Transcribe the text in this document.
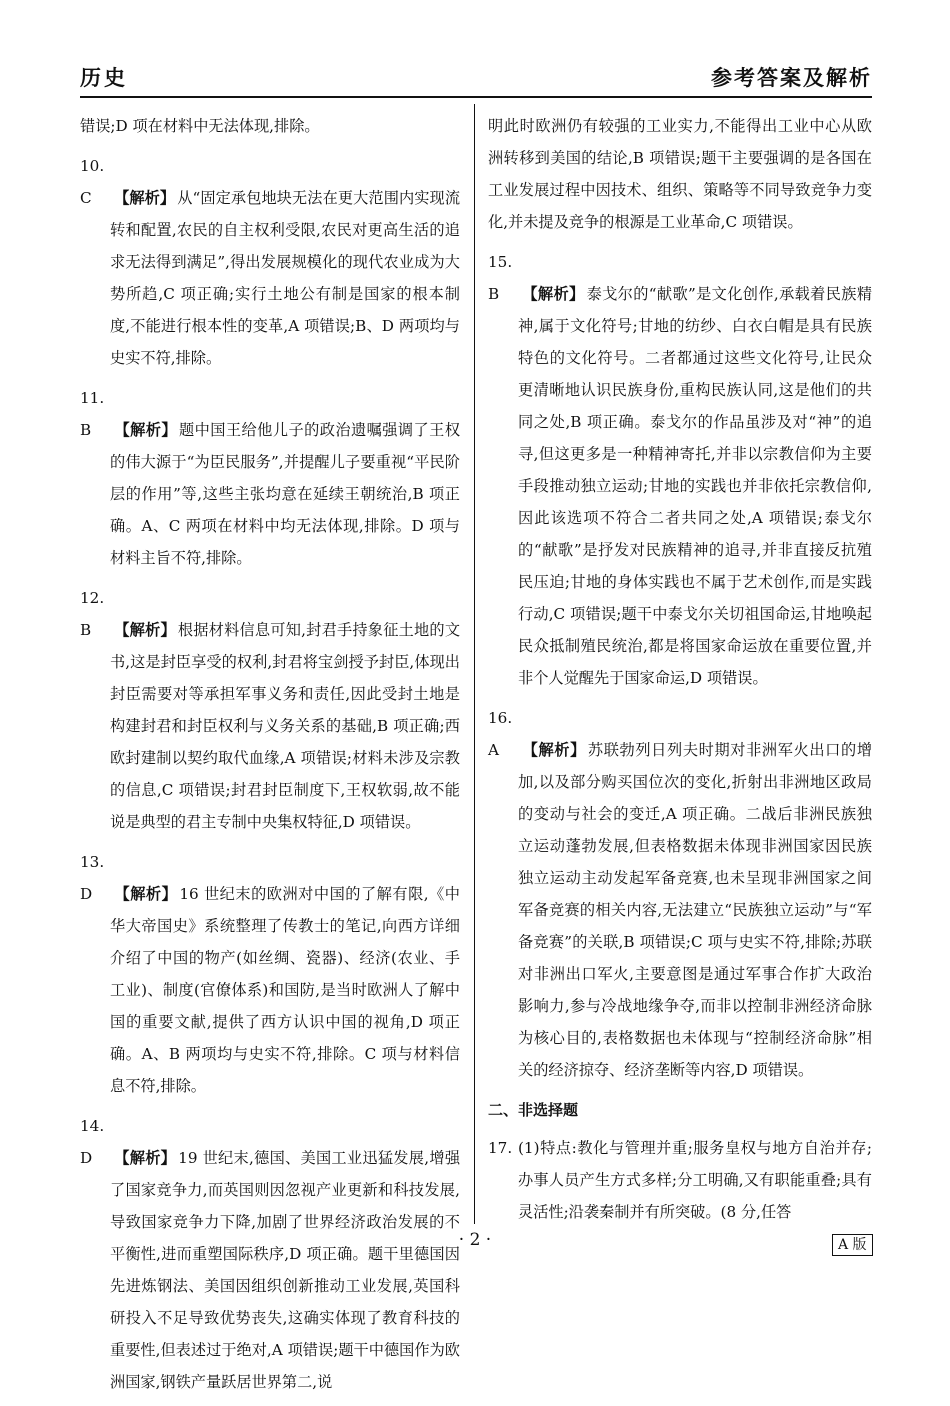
历史	参考答案及解析

错误;D 项在材料中无法体现,排除。

10. C 【解析】 从“固定承包地块无法在更大范围内实现流转和配置,农民的自主权利受限,农民对更高生活的追求无法得到满足”,得出发展规模化的现代农业成为大势所趋,C 项正确;实行土地公有制是国家的根本制度,不能进行根本性的变革,A 项错误;B、D 两项均与史实不符,排除。
11. B 【解析】 题中国王给他儿子的政治遗嘱强调了王权的伟大源于“为臣民服务”,并提醒儿子要重视“平民阶层的作用”等,这些主张均意在延续王朝统治,B 项正确。A、C 两项在材料中均无法体现,排除。D 项与材料主旨不符,排除。
12. B 【解析】 根据材料信息可知,封君手持象征土地的文书,这是封臣享受的权利,封君将宝剑授予封臣,体现出封臣需要对等承担军事义务和责任,因此受封土地是构建封君和封臣权利与义务关系的基础,B 项正确;西欧封建制以契约取代血缘,A 项错误;材料未涉及宗教的信息,C 项错误;封君封臣制度下,王权软弱,故不能说是典型的君主专制中央集权特征,D 项错误。
13. D 【解析】 16 世纪末的欧洲对中国的了解有限,《中华大帝国史》系统整理了传教士的笔记,向西方详细介绍了中国的物产(如丝绸、瓷器)、经济(农业、手工业)、制度(官僚体系)和国防,是当时欧洲人了解中国的重要文献,提供了西方认识中国的视角,D 项正确。A、B 两项均与史实不符,排除。C 项与材料信息不符,排除。
14. D 【解析】 19 世纪末,德国、美国工业迅猛发展,增强了国家竞争力,而英国则因忽视产业更新和科技发展,导致国家竞争力下降,加剧了世界经济政治发展的不平衡性,进而重塑国际秩序,D 项正确。题干里德国因先进炼钢法、美国因组织创新推动工业发展,英国科研投入不足导致优势丧失,这确实体现了教育科技的重要性,但表述过于绝对,A 项错误;题干中德国作为欧洲国家,钢铁产量跃居世界第二,说

明此时欧洲仍有较强的工业实力,不能得出工业中心从欧洲转移到美国的结论,B 项错误;题干主要强调的是各国在工业发展过程中因技术、组织、策略等不同导致竞争力变化,并未提及竞争的根源是工业革命,C 项错误。

15. B 【解析】 泰戈尔的“献歌”是文化创作,承载着民族精神,属于文化符号;甘地的纺纱、白衣白帽是具有民族特色的文化符号。二者都通过这些文化符号,让民众更清晰地认识民族身份,重构民族认同,这是他们的共同之处,B 项正确。泰戈尔的作品虽涉及对“神”的追寻,但这更多是一种精神寄托,并非以宗教信仰为主要手段推动独立运动;甘地的实践也并非依托宗教信仰,因此该选项不符合二者共同之处,A 项错误;泰戈尔的“献歌”是抒发对民族精神的追寻,并非直接反抗殖民压迫;甘地的身体实践也不属于艺术创作,而是实践行动,C 项错误;题干中泰戈尔关切祖国命运,甘地唤起民众抵制殖民统治,都是将国家命运放在重要位置,并非个人觉醒先于国家命运,D 项错误。
16. A 【解析】 苏联勃列日列夫时期对非洲军火出口的增加,以及部分购买国位次的变化,折射出非洲地区政局的变动与社会的变迁,A 项正确。二战后非洲民族独立运动蓬勃发展,但表格数据未体现非洲国家因民族独立运动主动发起军备竞赛,也未呈现非洲国家之间军备竞赛的相关内容,无法建立“民族独立运动”与“军备竞赛”的关联,B 项错误;C 项与史实不符,排除;苏联对非洲出口军火,主要意图是通过军事合作扩大政治影响力,参与冷战地缘争夺,而非以控制非洲经济命脉为核心目的,表格数据也未体现与“控制经济命脉”相关的经济掠夺、经济垄断等内容,D 项错误。
二、非选择题
17. (1)特点:教化与管理并重;服务皇权与地方自治并存;办事人员产生方式多样;分工明确,又有职能重叠;具有灵活性;沿袭秦制并有所突破。(8 分,任答
· 2 ·	A 版
